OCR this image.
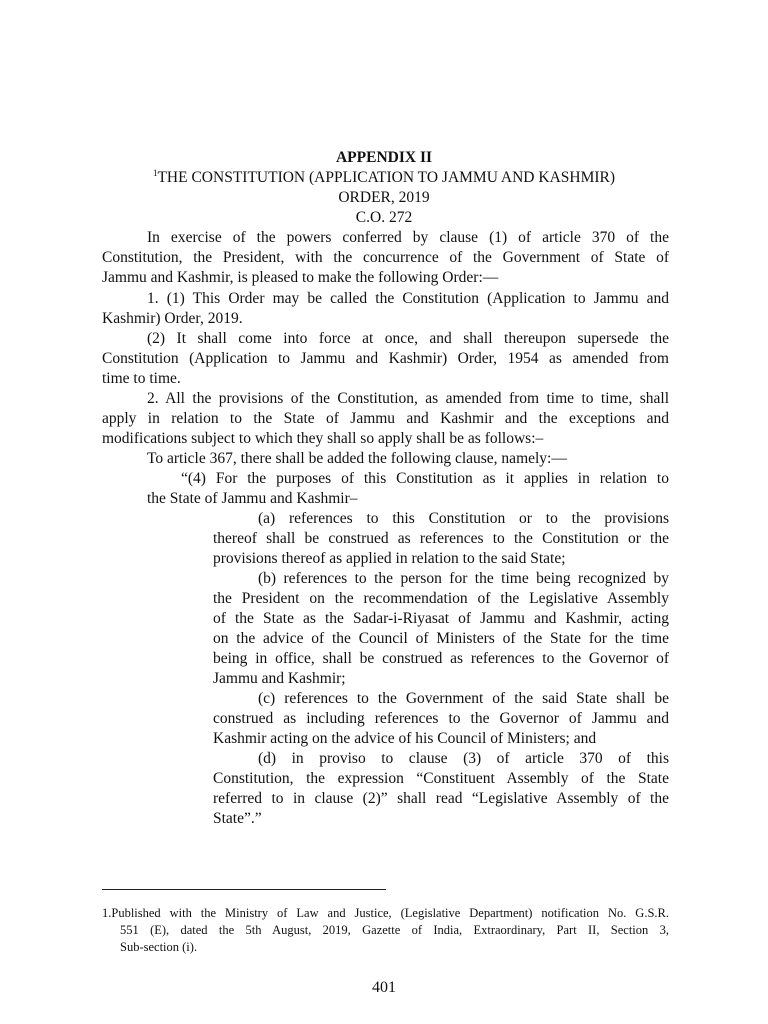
APPENDIX II
$^1$THE CONSTITUTION (APPLICATION TO JAMMU AND KASHMIR)
ORDER, 2019
C.O. 272
In exercise of the powers conferred by clause (1) of article 370 of the
Constitution, the President, with the concurrence of the Government of State of
Jammu and Kashmir, is pleased to make the following Order:—
1. (1) This Order may be called the Constitution (Application to Jammu and
Kashmir) Order, 2019.
(2) It shall come into force at once, and shall thereupon supersede the
Constitution (Application to Jammu and Kashmir) Order, 1954 as amended from
time to time.
2. All the provisions of the Constitution, as amended from time to time, shall
apply in relation to the State of Jammu and Kashmir and the exceptions and
modifications subject to which they shall so apply shall be as follows:–
To article 367, there shall be added the following clause, namely:—
“(4) For the purposes of this Constitution as it applies in relation to
the State of Jammu and Kashmir–
(a) references to this Constitution or to the provisions
thereof shall be construed as references to the Constitution or the
provisions thereof as applied in relation to the said State;
(b) references to the person for the time being recognized by
the President on the recommendation of the Legislative Assembly
of the State as the Sadar-i-Riyasat of Jammu and Kashmir, acting
on the advice of the Council of Ministers of the State for the time
being in office, shall be construed as references to the Governor of
Jammu and Kashmir;
(c) references to the Government of the said State shall be
construed as including references to the Governor of Jammu and
Kashmir acting on the advice of his Council of Ministers; and
(d) in proviso to clause (3) of article 370 of this
Constitution, the expression “Constituent Assembly of the State
referred to in clause (2)” shall read “Legislative Assembly of the
State”.”
1.Published with the Ministry of Law and Justice, (Legislative Department) notification No. G.S.R.
551 (E), dated the 5th August, 2019, Gazette of India, Extraordinary, Part II, Section 3,
Sub-section (i).
401
